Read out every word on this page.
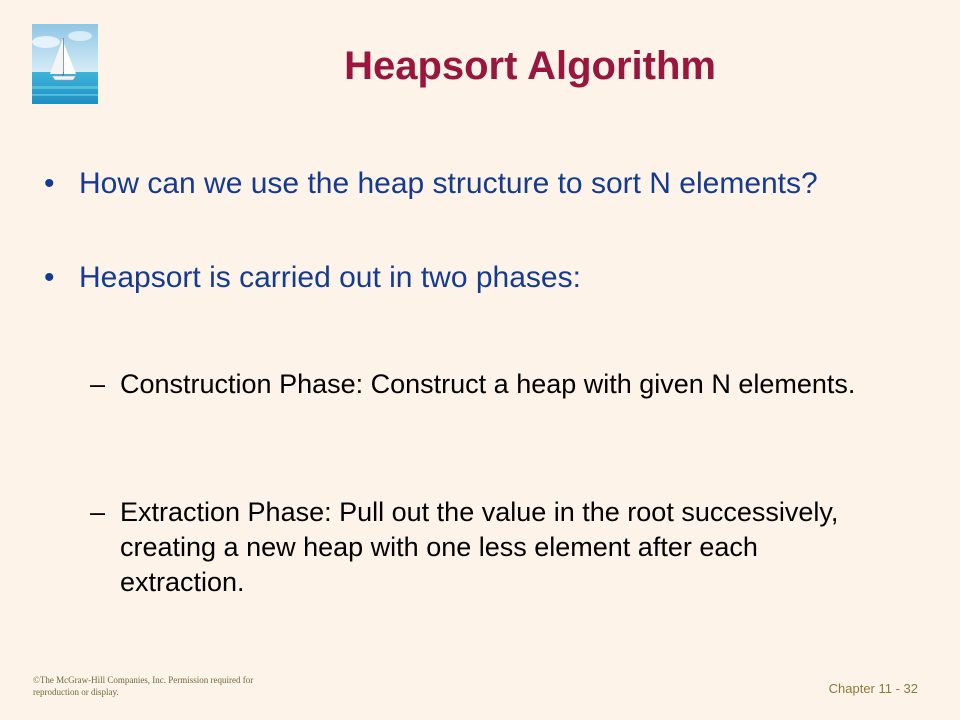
Heapsort Algorithm
• How can we use the heap structure to sort N elements?
• Heapsort is carried out in two phases:
– Construction Phase: Construct a heap with given N elements.
– Extraction Phase: Pull out the value in the root successively, creating a new heap with one less element after each extraction.
©The McGraw-Hill Companies, Inc. Permission required for reproduction or display.	Chapter 11 - 32
